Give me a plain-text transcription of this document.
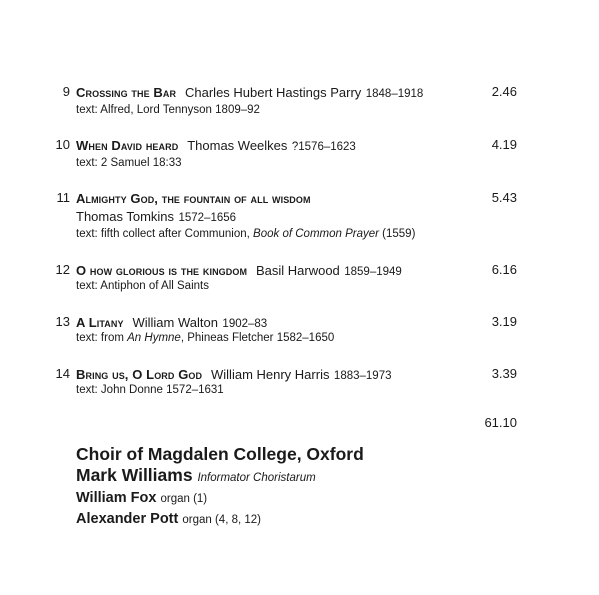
9 Crossing the Bar Charles Hubert Hastings Parry 1848–1918	2.46
text: Alfred, Lord Tennyson 1809–92
10 When David heard Thomas Weelkes ?1576–1623	4.19
text: 2 Samuel 18:33
11 Almighty God, the fountain of all wisdom	5.43
Thomas Tomkins 1572–1656
text: fifth collect after Communion, Book of Common Prayer (1559)
12 O how glorious is the kingdom Basil Harwood 1859–1949	6.16
text: Antiphon of All Saints
13 A Litany William Walton 1902–83	3.19
text: from An Hymne, Phineas Fletcher 1582–1650
14 Bring us, O Lord God William Henry Harris 1883–1973	3.39
text: John Donne 1572–1631
61.10
Choir of Magdalen College, Oxford
Mark Williams Informator Choristarum
William Fox organ (1)
Alexander Pott organ (4, 8, 12)
